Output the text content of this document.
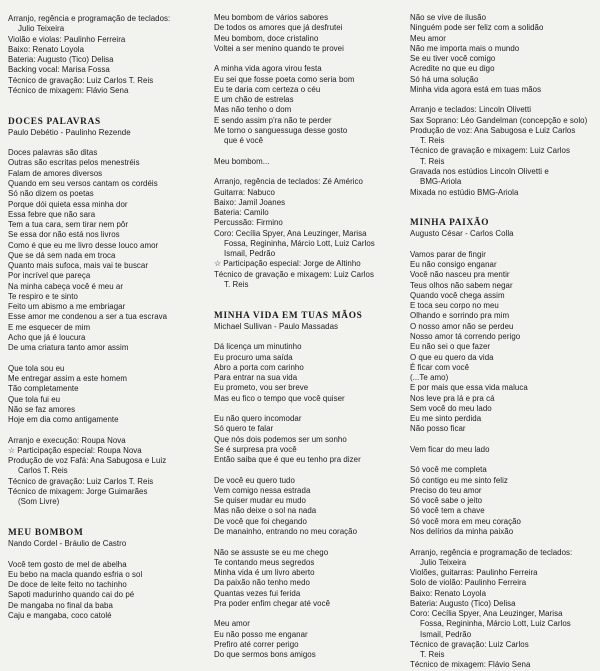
Arranjo, regência e programação de teclados:
Julio Teixeira
Violão e violas: Paulinho Ferreira
Baixo: Renato Loyola
Bateria: Augusto (Tico) Delisa
Backing vocal: Marisa Fossa
Técnico de gravação: Luiz Carlos T. Reis
Técnico de mixagem: Flávio Sena
DOCES PALAVRAS
Paulo Debétio - Paulinho Rezende
Doces palavras são ditas
Outras são escritas pelos menestréis
Falam de amores diversos
Quando em seu versos cantam os cordéis
Só não dizem os poetas
Porque dói quieta essa minha dor
Essa febre que não sara
Tem a tua cara, sem tirar nem pôr
Se essa dor não está nos livros
Como é que eu me livro desse louco amor
Que se dá sem nada em troca
Quanto mais sufoca, mais vai te buscar
Por incrível que pareça
Na minha cabeça você é meu ar
Te respiro e te sinto
Feito um abismo a me embriagar
Esse amor me condenou a ser a tua escrava
E me esquecer de mim
Acho que já é loucura
De uma criatura tanto amor assim
Que tola sou eu
Me entregar assim a este homem
Tão completamente
Que tola fui eu
Não se faz amores
Hoje em dia como antigamente
Arranjo e execução: Roupa Nova
☆ Participação especial: Roupa Nova
Produção de voz Fafá: Ana Sabugosa e Luiz
Carlos T. Reis
Técnico de gravação: Luiz Carlos T. Reis
Técnico de mixagem: Jorge Guimarães
(Som Livre)
MEU BOMBOM
Nando Cordel - Bráulio de Castro
Você tem gosto de mel de abelha
Eu bebo na macla quando esfria o sol
De doce de leite feito no tachinho
Sapoti madurinho quando cai do pé
De mangaba no final da baba
Caju e mangaba, coco catolé
Meu bombom de vários sabores
De todos os amores que já desfrutei
Meu bombom, doce cristalino
Voltei a ser menino quando te provei
A minha vida agora virou festa
Eu sei que fosse poeta como seria bom
Eu te daria com certeza o céu
E um chão de estrelas
Mas não tenho o dom
E sendo assim p'ra não te perder
Me torno o sanguessuga desse gosto
que é você
Meu bombom...
Arranjo, regência de teclados: Zé Américo
Guitarra: Nabuco
Baixo: Jamil Joanes
Bateria: Camilo
Percussão: Firmino
Coro: Cecília Spyer, Ana Leuzinger, Marisa
Fossa, Regininha, Márcio Lott, Luiz Carlos
Ismail, Pedrão
☆ Participação especial: Jorge de Altinho
Técnico de gravação e mixagem: Luiz Carlos
T. Reis
MINHA VIDA EM TUAS MÃOS
Michael Sullivan - Paulo Massadas
Dá licença um minutinho
Eu procuro uma saída
Abro a porta com carinho
Para entrar na sua vida
Eu prometo, vou ser breve
Mas eu fico o tempo que você quiser
Eu não quero incomodar
Só quero te falar
Que nós dois podemos ser um sonho
Se é surpresa pra você
Então saiba que é que eu tenho pra dizer
De você eu quero tudo
Vem comigo nessa estrada
Se quiser mudar eu mudo
Mas não deixe o sol na nada
De você que foi chegando
De manainho, entrando no meu coração
Não se assuste se eu me chego
Te contando meus segredos
Minha vida é um livro aberto
Da paixão não tenho medo
Quantas vezes fui ferida
Pra poder enfim chegar até você
Meu amor
Eu não posso me enganar
Prefiro até correr perigo
Do que sermos bons amigos
Não se vive de ilusão
Ninguém pode ser feliz com a solidão
Meu amor
Não me importa mais o mundo
Se eu tiver você comigo
Acredite no que eu digo
Só há uma solução
Minha vida agora está em tuas mãos
Arranjo e teclados: Lincoln Olivetti
Sax Soprano: Léo Gandelman (concepção e solo)
Produção de voz: Ana Sabugosa e Luiz Carlos
T. Reis
Técnico de gravação e mixagem: Luiz Carlos
T. Reis
Gravada nos estúdios Lincoln Olivetti e
BMG-Ariola
Mixada no estúdio BMG-Ariola
MINHA PAIXÃO
Augusto César - Carlos Colla
Vamos parar de fingir
Eu não consigo enganar
Você não nasceu pra mentir
Teus olhos não sabem negar
Quando você chega assim
E toca seu corpo no meu
Olhando e sorrindo pra mim
O nosso amor não se perdeu
Nosso amor tá correndo perigo
Eu não sei o que fazer
O que eu quero da vida
É ficar com você
(...Te amo)
E por mais que essa vida maluca
Nos leve pra lá e pra cá
Sem você do meu lado
Eu me sinto perdida
Não posso ficar
Vem ficar do meu lado
Só você me completa
Só contigo eu me sinto feliz
Preciso do teu amor
Só você sabe o jeito
Só você tem a chave
Só você mora em meu coração
Nos delírios da minha paixão
Arranjo, regência e programação de teclados:
Julio Teixeira
Violões, guitarras: Paulinho Ferreira
Solo de violão: Paulinho Ferreira
Baixo: Renato Loyola
Bateria: Augusto (Tico) Delisa
Coro: Cecília Spyer, Ana Leuzinger, Marisa
Fossa, Regininha, Márcio Lott, Luiz Carlos
Ismail, Pedrão
Técnico de gravação: Luiz Carlos
T. Reis
Técnico de mixagem: Flávio Sena
